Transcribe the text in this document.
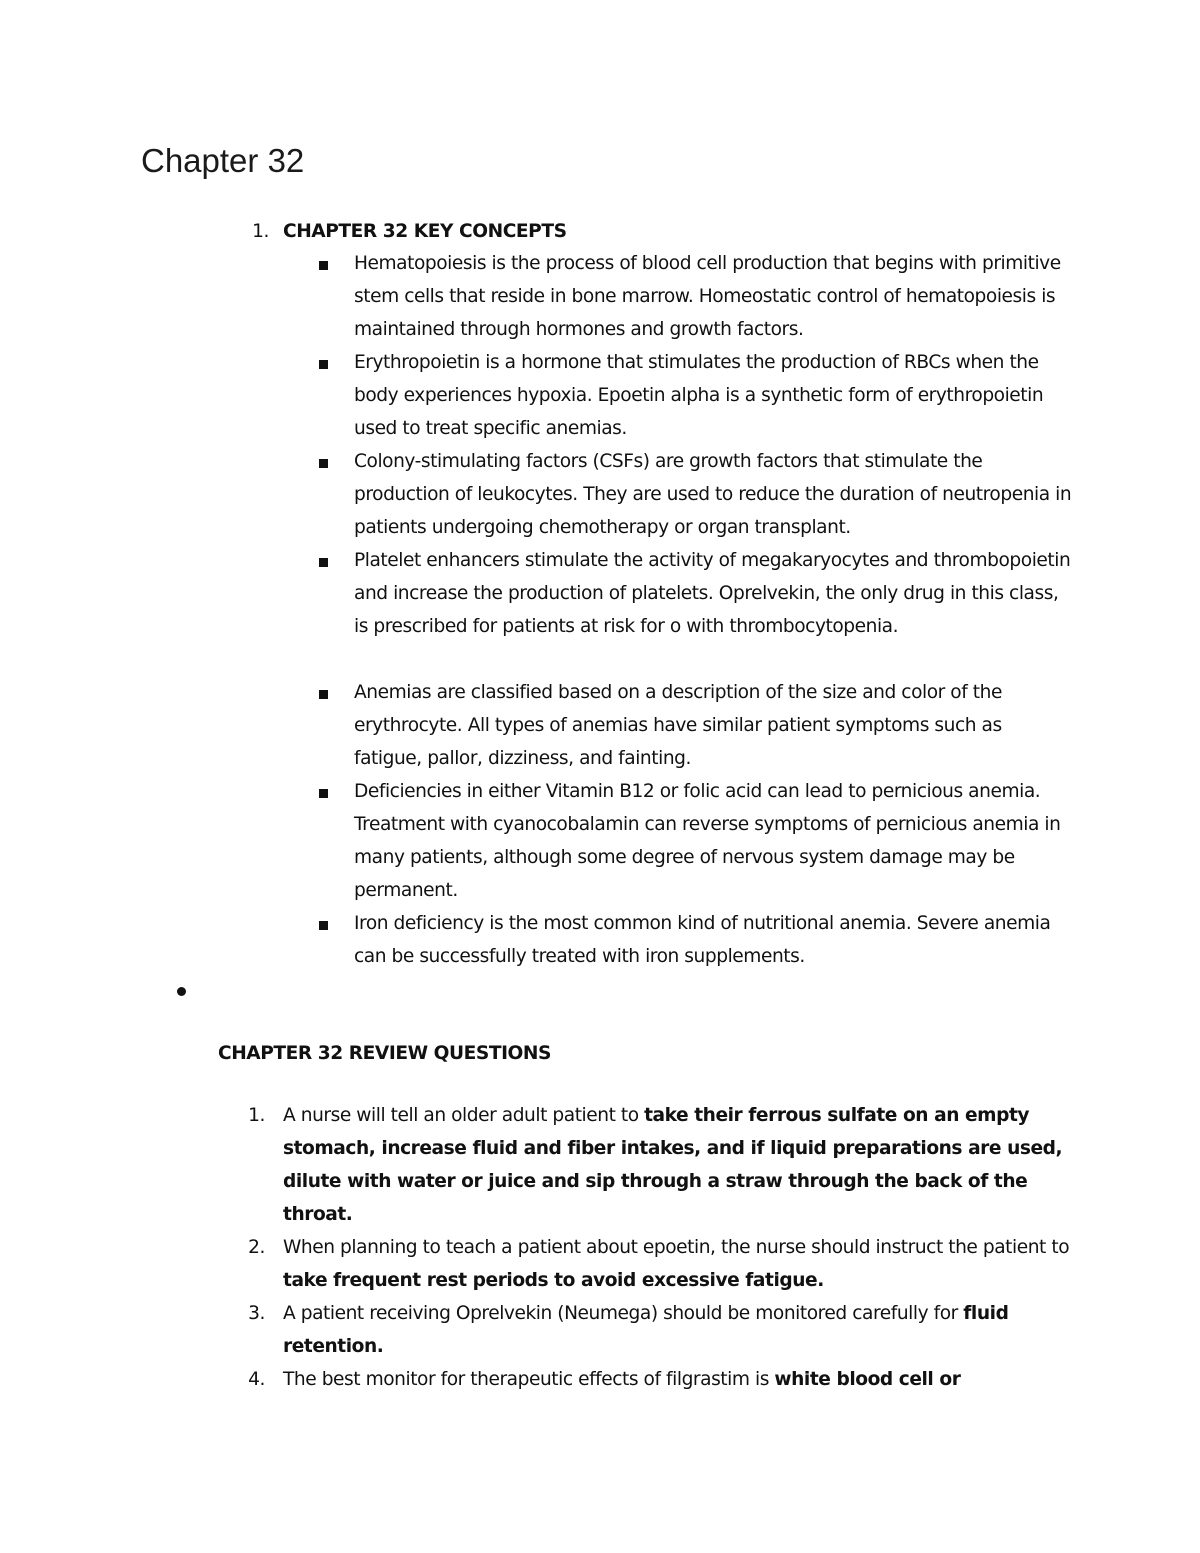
Chapter 32
1. CHAPTER 32 KEY CONCEPTS
Hematopoiesis is the process of blood cell production that begins with primitive stem cells that reside in bone marrow. Homeostatic control of hematopoiesis is maintained through hormones and growth factors.
Erythropoietin is a hormone that stimulates the production of RBCs when the body experiences hypoxia. Epoetin alpha is a synthetic form of erythropoietin used to treat specific anemias.
Colony-stimulating factors (CSFs) are growth factors that stimulate the production of leukocytes. They are used to reduce the duration of neutropenia in patients undergoing chemotherapy or organ transplant.
Platelet enhancers stimulate the activity of megakaryocytes and thrombopoietin and increase the production of platelets. Oprelvekin, the only drug in this class, is prescribed for patients at risk for o with thrombocytopenia.
Anemias are classified based on a description of the size and color of the erythrocyte. All types of anemias have similar patient symptoms such as fatigue, pallor, dizziness, and fainting.
Deficiencies in either Vitamin B12 or folic acid can lead to pernicious anemia. Treatment with cyanocobalamin can reverse symptoms of pernicious anemia in many patients, although some degree of nervous system damage may be permanent.
Iron deficiency is the most common kind of nutritional anemia. Severe anemia can be successfully treated with iron supplements.
CHAPTER 32 REVIEW QUESTIONS
1. A nurse will tell an older adult patient to take their ferrous sulfate on an empty stomach, increase fluid and fiber intakes, and if liquid preparations are used, dilute with water or juice and sip through a straw through the back of the throat.
2. When planning to teach a patient about epoetin, the nurse should instruct the patient to take frequent rest periods to avoid excessive fatigue.
3. A patient receiving Oprelvekin (Neumega) should be monitored carefully for fluid retention.
4. The best monitor for therapeutic effects of filgrastim is white blood cell or
